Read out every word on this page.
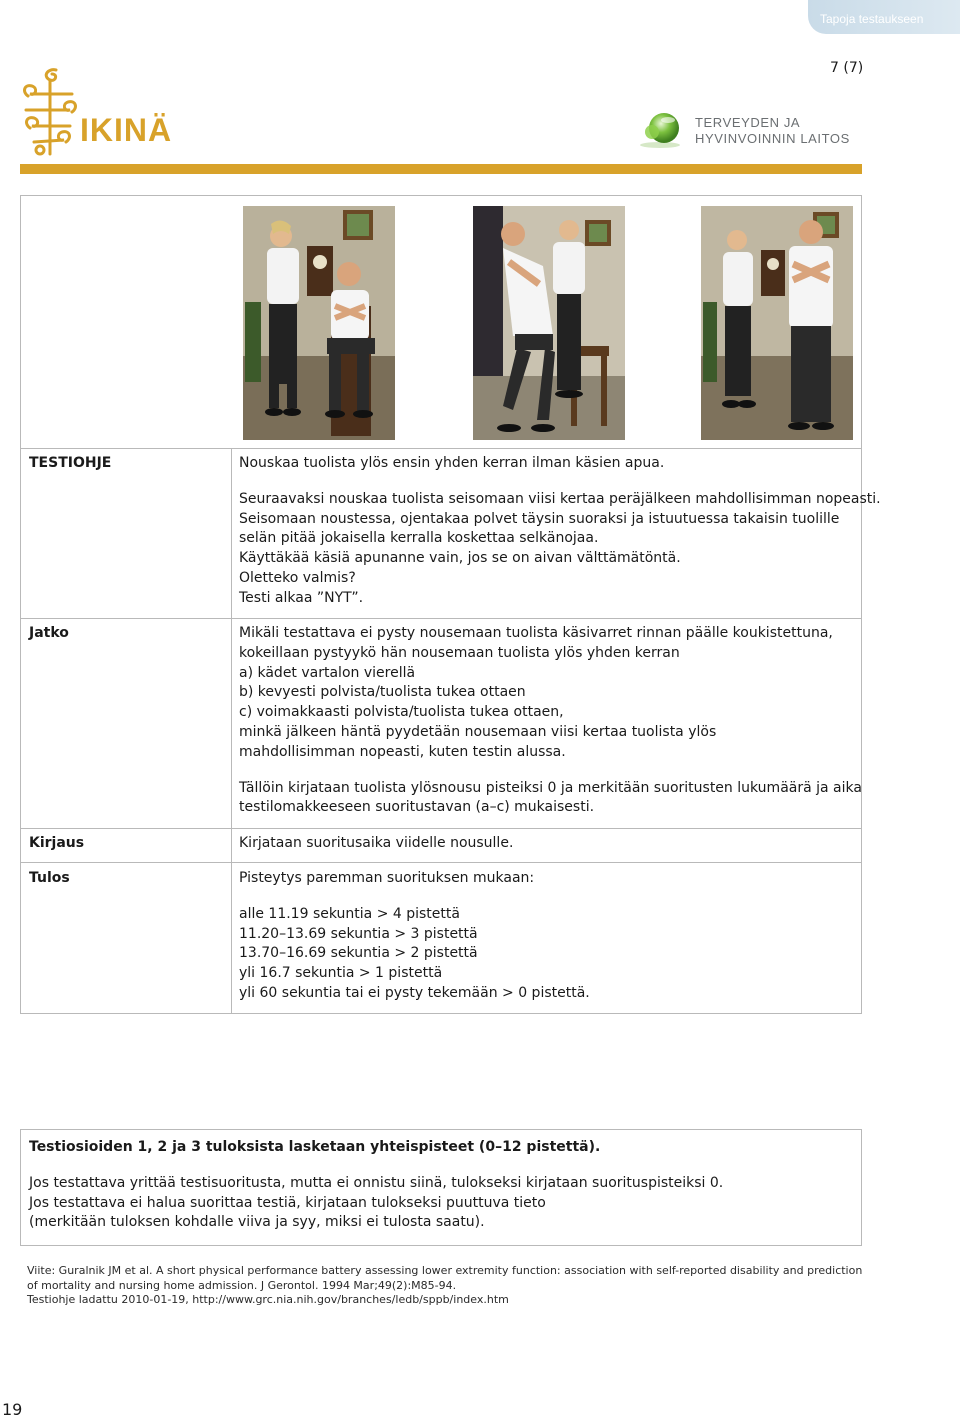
Tapoja testaukseen
7 (7)
IKINÄ	TERVEYDEN JA
HYVINVOINNIN LAITOS
TESTIOHJE	Nouskaa tuolista ylös ensin yhden kerran ilman käsien apua.

Seuraavaksi nouskaa tuolista seisomaan viisi kertaa peräjälkeen mahdollisimman nopeasti.

Seisomaan noustessa, ojentakaa polvet täysin suoraksi ja istuutuessa takaisin tuolille

selän pitää jokaisella kerralla koskettaa selkänojaa.

Käyttäkää käsiä apunanne vain, jos se on aivan välttämätöntä.

Oletteko valmis?

Testi alkaa ”NYT”.

Jatko	Mikäli testattava ei pysty nousemaan tuolista käsivarret rinnan päälle koukistettuna,

kokeillaan pystyykö hän nousemaan tuolista ylös yhden kerran

a) kädet vartalon vierellä

b) kevyesti polvista/tuolista tukea ottaen

c) voimakkaasti polvista/tuolista tukea ottaen,

minkä jälkeen häntä pyydetään nousemaan viisi kertaa tuolista ylös

mahdollisimman nopeasti, kuten testin alussa.

Tällöin kirjataan tuolista ylösnousu pisteiksi 0 ja merkitään suoritusten lukumäärä ja aika

testilomakkeeseen suoritustavan (a–c) mukaisesti.

Kirjaus	Kirjataan suoritusaika viidelle nousulle.

Tulos	Pisteytys paremman suorituksen mukaan:

alle 11.19 sekuntia > 4 pistettä

11.20–13.69 sekuntia > 3 pistettä

13.70–16.69 sekuntia > 2 pistettä

yli 16.7 sekuntia > 1 pistettä

yli 60 sekuntia tai ei pysty tekemään > 0 pistettä.

Testiosioiden 1, 2 ja 3 tuloksista lasketaan yhteispisteet (0–12 pistettä).

Jos testattava yrittää testisuoritusta, mutta ei onnistu siinä, tulokseksi kirjataan suorituspisteiksi 0.

Jos testattava ei halua suorittaa testiä, kirjataan tulokseksi puuttuva tieto

(merkitään tuloksen kohdalle viiva ja syy, miksi ei tulosta saatu).

Viite: Guralnik JM et al. A short physical performance battery assessing lower extremity function: association with self-reported disability and prediction

of mortality and nursing home admission. J Gerontol. 1994 Mar;49(2):M85-94.

Testiohje ladattu 2010-01-19, http://www.grc.nia.nih.gov/branches/ledb/sppb/index.htm

19
